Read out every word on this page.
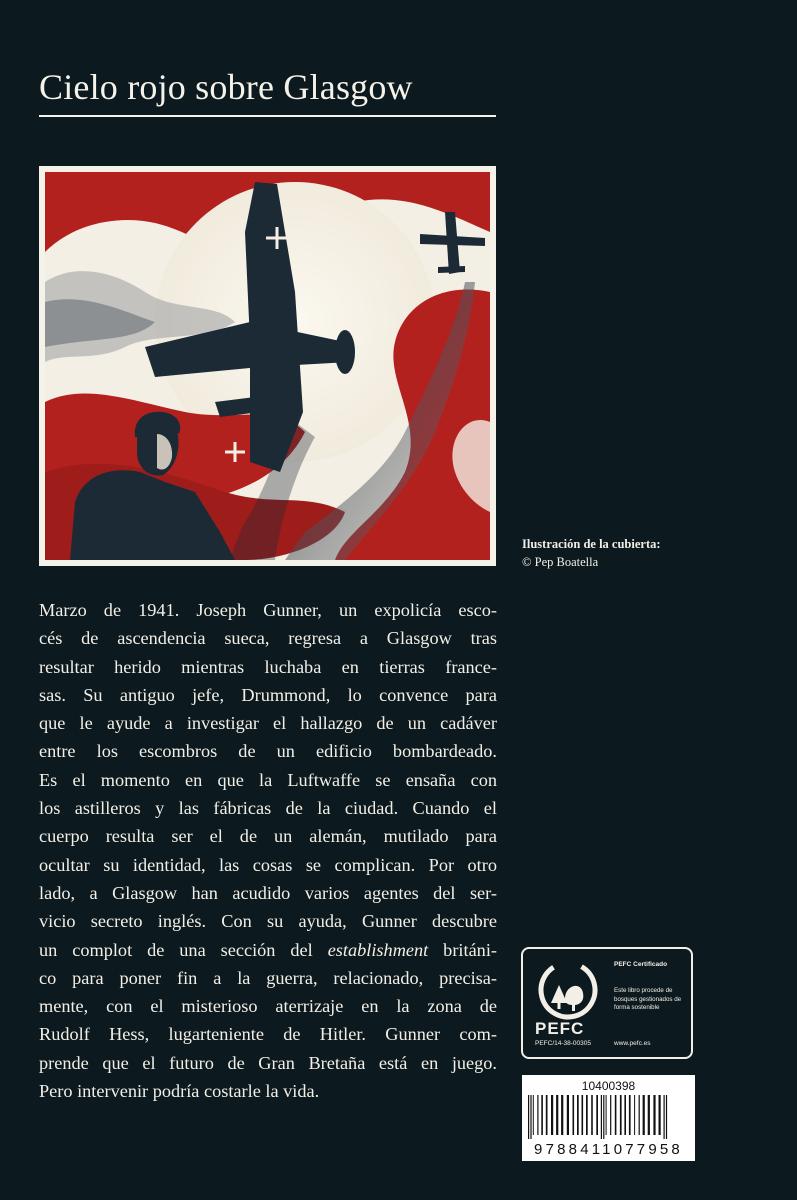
Cielo rojo sobre Glasgow
Ilustración de la cubierta:
© Pep Boatella
Marzo de 1941. Joseph Gunner, un expolicía esco-
cés de ascendencia sueca, regresa a Glasgow tras
resultar herido mientras luchaba en tierras france-
sas. Su antiguo jefe, Drummond, lo convence para
que le ayude a investigar el hallazgo de un cadáver
entre los escombros de un edificio bombardeado.
Es el momento en que la Luftwaffe se ensaña con
los astilleros y las fábricas de la ciudad. Cuando el
cuerpo resulta ser el de un alemán, mutilado para
ocultar su identidad, las cosas se complican. Por otro
lado, a Glasgow han acudido varios agentes del ser-
vicio secreto inglés. Con su ayuda, Gunner descubre
un complot de una sección del establishment británi-
co para poner fin a la guerra, relacionado, precisa-
mente, con el misterioso aterrizaje en la zona de
Rudolf Hess, lugarteniente de Hitler. Gunner com-
prende que el futuro de Gran Bretaña está en juego.
Pero intervenir podría costarle la vida.
PEFC
PEFC/14-38-00305
PEFC Certificado
Este libro procede de bosques gestionados de forma sostenible
www.pefc.es
10400398
9788411077958
